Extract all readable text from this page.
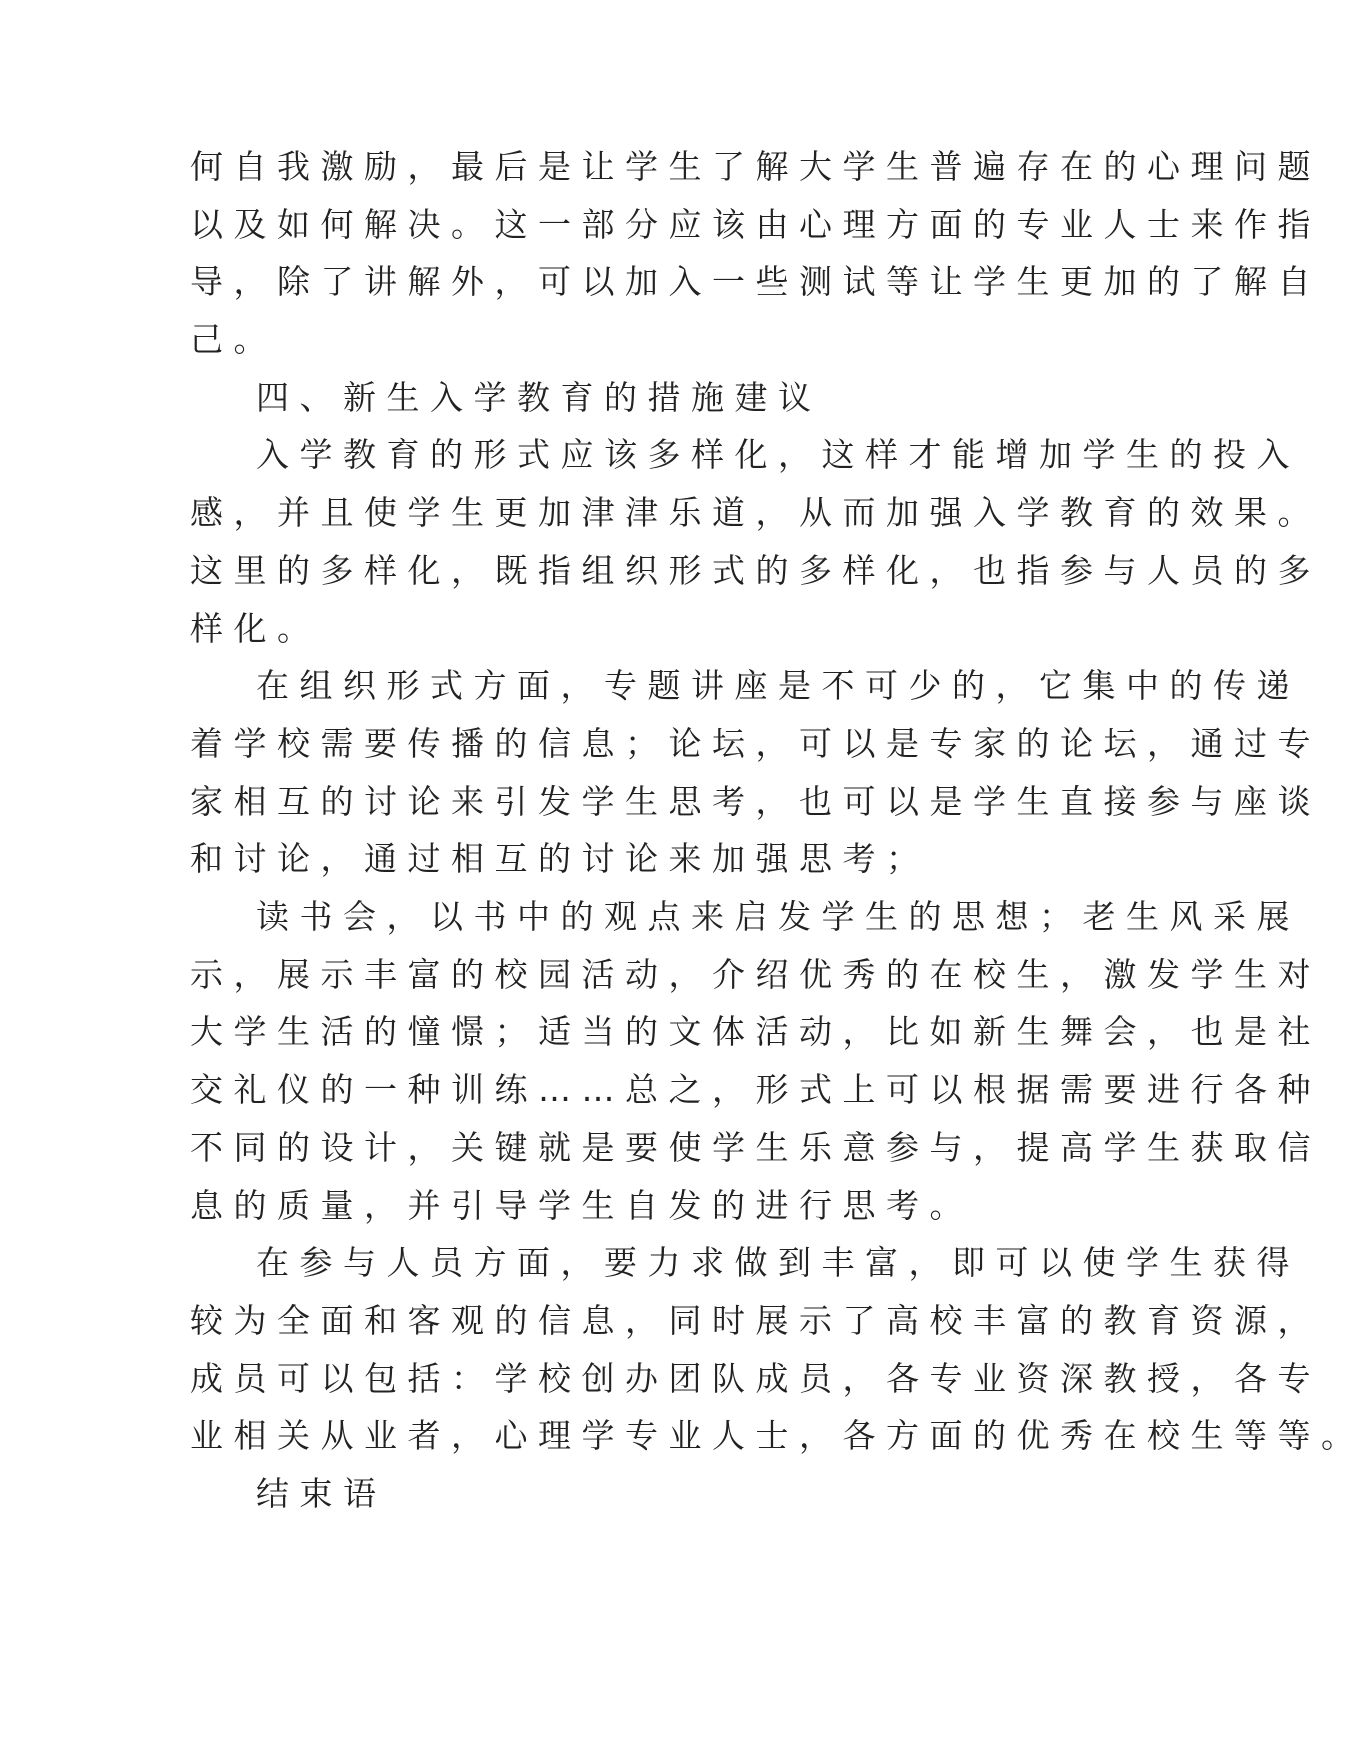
何自我激励，最后是让学生了解大学生普遍存在的心理问题
以及如何解决。这一部分应该由心理方面的专业人士来作指
导，除了讲解外，可以加入一些测试等让学生更加的了解自
己。
四、新生入学教育的措施建议
入学教育的形式应该多样化，这样才能增加学生的投入
感，并且使学生更加津津乐道，从而加强入学教育的效果。
这里的多样化，既指组织形式的多样化，也指参与人员的多
样化。
在组织形式方面，专题讲座是不可少的，它集中的传递
着学校需要传播的信息；论坛，可以是专家的论坛，通过专
家相互的讨论来引发学生思考，也可以是学生直接参与座谈
和讨论，通过相互的讨论来加强思考；
读书会，以书中的观点来启发学生的思想；老生风采展
示，展示丰富的校园活动，介绍优秀的在校生，激发学生对
大学生活的憧憬；适当的文体活动，比如新生舞会，也是社
交礼仪的一种训练……总之，形式上可以根据需要进行各种
不同的设计，关键就是要使学生乐意参与，提高学生获取信
息的质量，并引导学生自发的进行思考。
在参与人员方面，要力求做到丰富，即可以使学生获得
较为全面和客观的信息，同时展示了高校丰富的教育资源，
成员可以包括：学校创办团队成员，各专业资深教授，各专
业相关从业者，心理学专业人士，各方面的优秀在校生等等。
结束语
